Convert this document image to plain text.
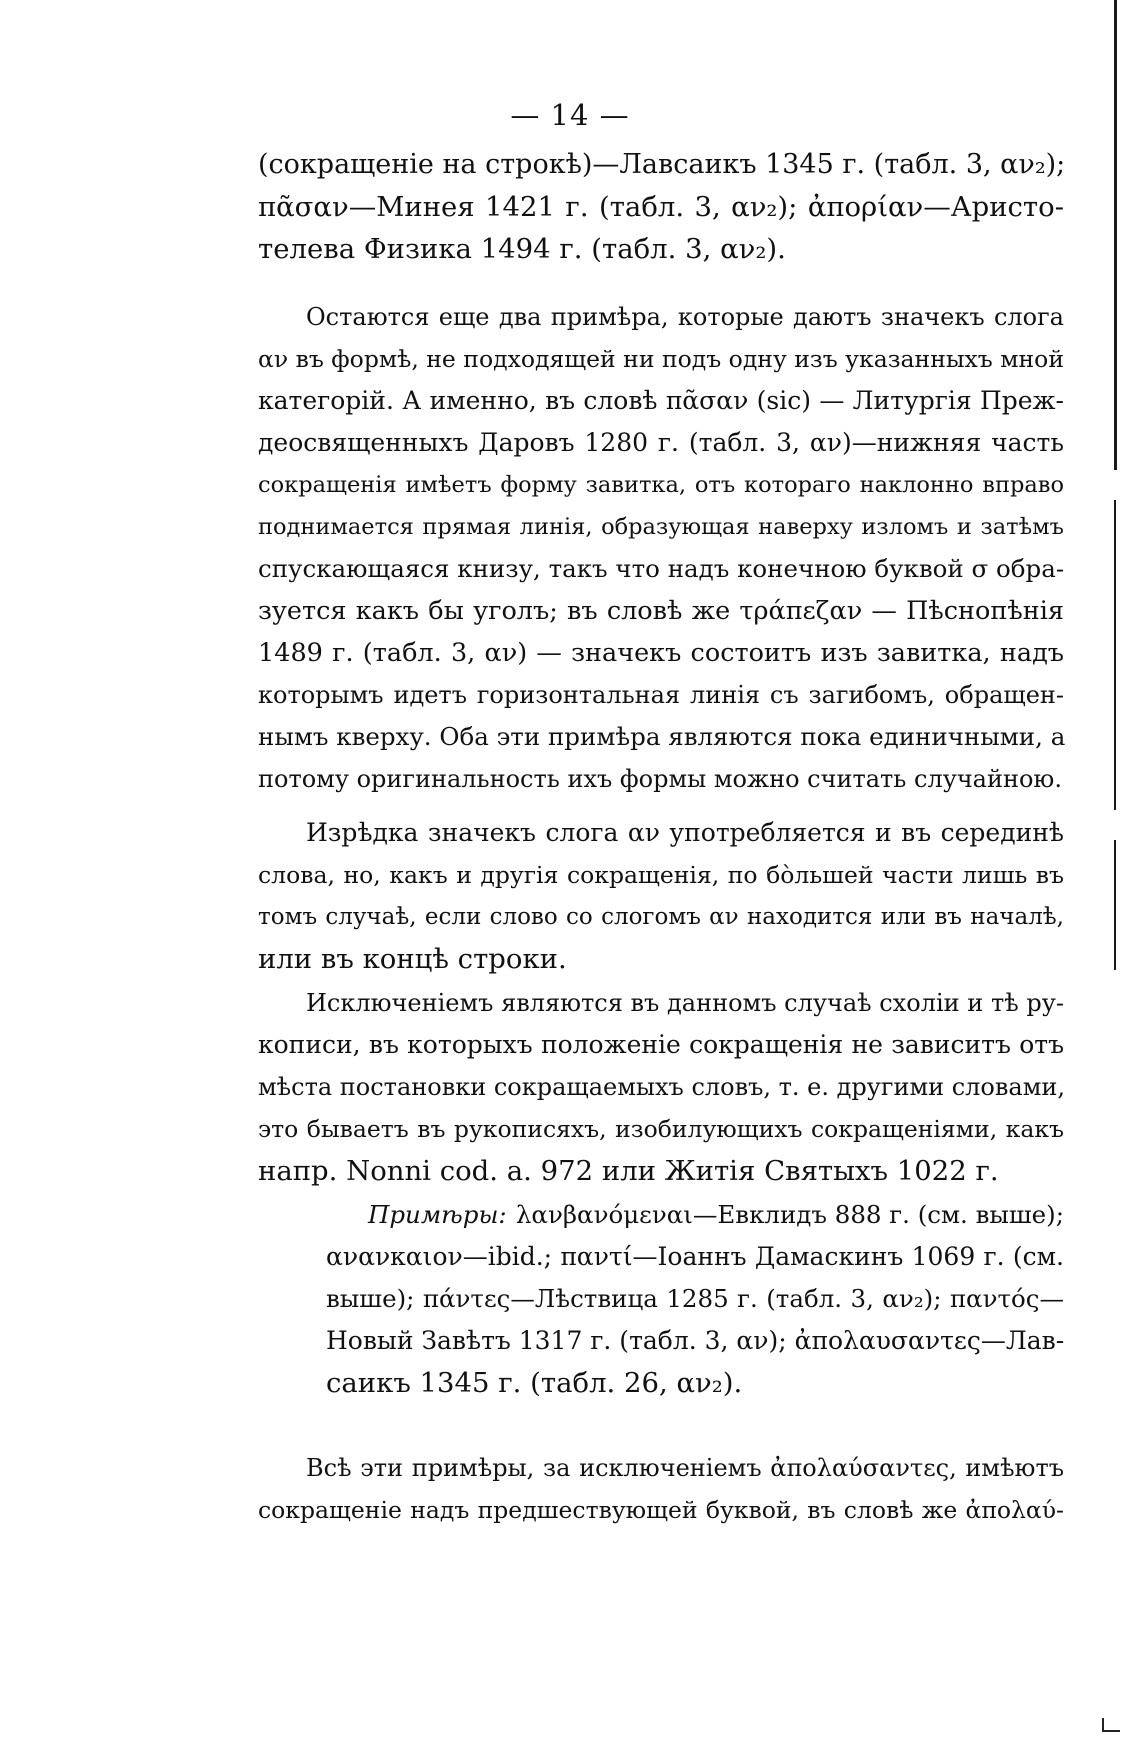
— 14 —
(сокращеніе на строкѣ)—Лавсаикъ 1345 г. (табл. 3, αν₂);
πᾶσαν—Минея 1421 г. (табл. 3, αν₂); ἀπορίαν—Аристо-
телева Физика 1494 г. (табл. 3, αν₂).
Остаются еще два примѣра, которые даютъ значекъ слога
αν въ формѣ, не подходящей ни подъ одну изъ указанныхъ мной
категорій. А именно, въ словѣ πᾶσαν (sic) — Литургія Преж-
деосвященныхъ Даровъ 1280 г. (табл. 3, αν)—нижняя часть
сокращенія имѣетъ форму завитка, отъ котораго наклонно вправо
поднимается прямая линія, образующая наверху изломъ и затѣмъ
спускающаяся книзу, такъ что надъ конечною буквой σ обра-
зуется какъ бы уголъ; въ словѣ же τράπεζαν — Пѣснопѣнія
1489 г. (табл. 3, αν) — значекъ состоитъ изъ завитка, надъ
которымъ идетъ горизонтальная линія съ загибомъ, обращен-
нымъ кверху. Оба эти примѣра являются пока единичными, а
потому оригинальность ихъ формы можно считать случайною.
Изрѣдка значекъ слога αν употребляется и въ серединѣ
слова, но, какъ и другія сокращенія, по бо̀льшей части лишь въ
томъ случаѣ, если слово со слогомъ αν находится или въ началѣ,
или въ концѣ строки.
Исключеніемъ являются въ данномъ случаѣ схоліи и тѣ ру-
кописи, въ которыхъ положеніе сокращенія не зависитъ отъ
мѣста постановки сокращаемыхъ словъ, т. е. другими словами,
это бываетъ въ рукописяхъ, изобилующихъ сокращеніями, какъ
напр. Nonni cod. a. 972 или Житія Святыхъ 1022 г.
Примѣры: λανβανόμεναι—Евклидъ 888 г. (см. выше);
ανανκαιον—ibid.; παντί—Іоаннъ Дамаскинъ 1069 г. (см.
выше); πάντες—Лѣствица 1285 г. (табл. 3, αν₂); παντός—
Новый Завѣтъ 1317 г. (табл. 3, αν); ἀπολαυσαντες—Лав-
саикъ 1345 г. (табл. 26, αν₂).
Всѣ эти примѣры, за исключеніемъ ἀπολαύσαντες, имѣютъ
сокращеніе надъ предшествующей буквой, въ словѣ же ἀπολαύ-
